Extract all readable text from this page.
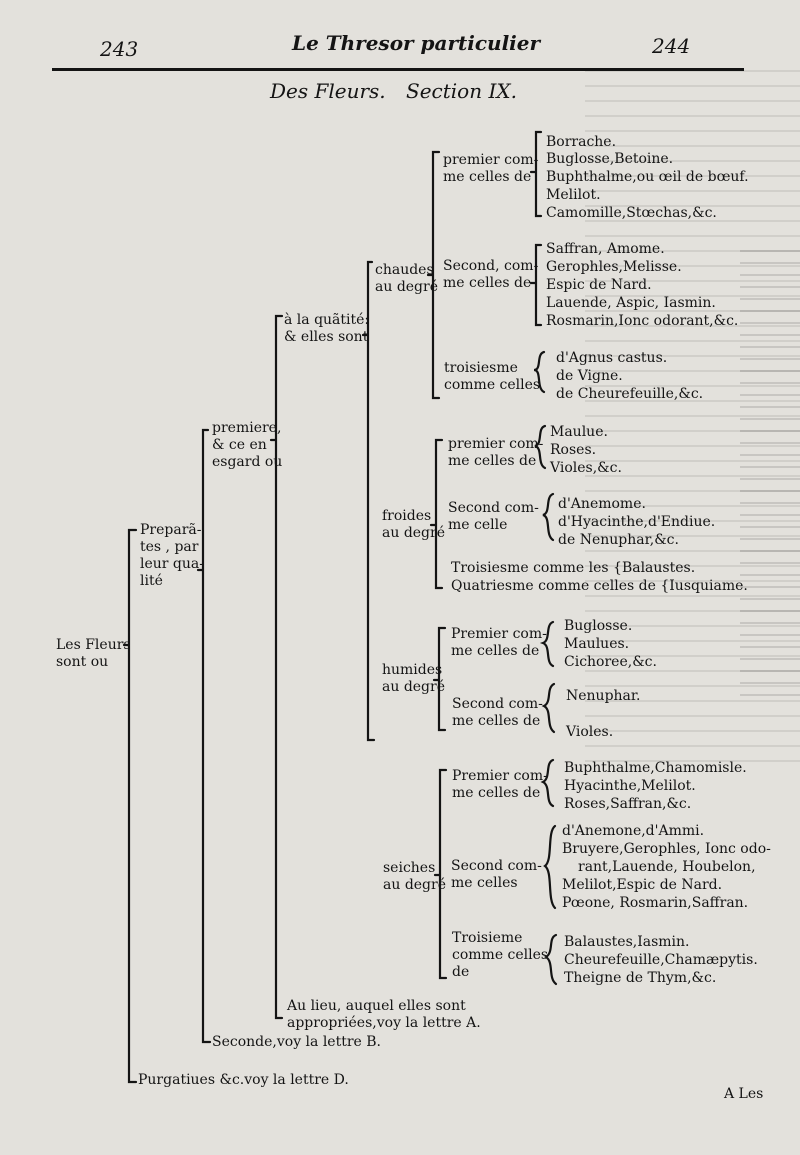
243	Le Thresor particulier	244
Des Fleurs. Section IX.
Les Fleurs
sont ou
Preparã-
tes , par
leur qua-
lité
premiere,
& ce en
esgard ou
à la quãtité:
& elles sont
chaudes
au degré
froides
au degré
humides
au degré
seiches
au degré
premier com-
me celles de
Borrache.
Buglosse,Betoine.
Buphthalme,ou œil de bœuf.
Melilot.
Camomille,Stœchas,&c.
Second, com-
me celles de
Saffran, Amome.
Gerophles,Melisse.
Espic de Nard.
Lauende, Aspic, Iasmin.
Rosmarin,Ionc odorant,&c.
troisiesme
comme celles
d'Agnus castus.
de Vigne.
de Cheurefeuille,&c.
premier com-
me celles de
Maulue.
Roses.
Violes,&c.
Second com-
me celle
d'Anemome.
d'Hyacinthe,d'Endiue.
de Nenuphar,&c.
Troisiesme comme les {Balaustes.
Quatriesme comme celles de {Iusquiame.
Premier com-
me celles de
Buglosse.
Maulues.
Cichoree,&c.
Second com-
me celles de
Nenuphar.
Violes.
Premier com-
me celles de
Buphthalme,Chamomisle.
Hyacinthe,Melilot.
Roses,Saffran,&c.
Second com-
me celles
d'Anemone,d'Ammi.
Bruyere,Gerophles, Ionc odo-
rant,Lauende, Houbelon,
Melilot,Espic de Nard.
Pœone, Rosmarin,Saffran.
Troisieme
comme celles
de
Balaustes,Iasmin.
Cheurefeuille,Chamæpytis.
Theigne de Thym,&c.
Au lieu, auquel elles sont
appropriées,voy la lettre A.
Seconde,voy la lettre B.
Purgatiues &c.voy la lettre D.
A Les
